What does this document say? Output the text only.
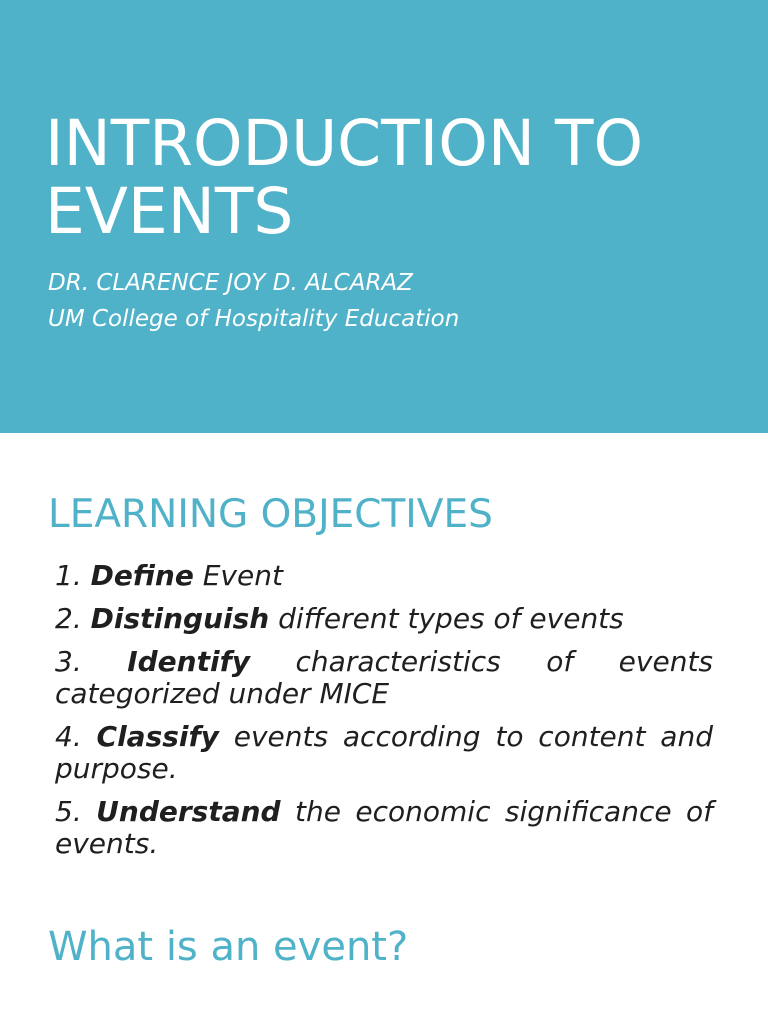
INTRODUCTION TO
EVENTS
DR. CLARENCE JOY D. ALCARAZ
UM College of Hospitality Education
LEARNING OBJECTIVES
1. Define Event
2. Distinguish different types of events
3. Identify characteristics of events categorized under MICE
4. Classify events according to content and purpose.
5. Understand the economic significance of events.
What is an event?
